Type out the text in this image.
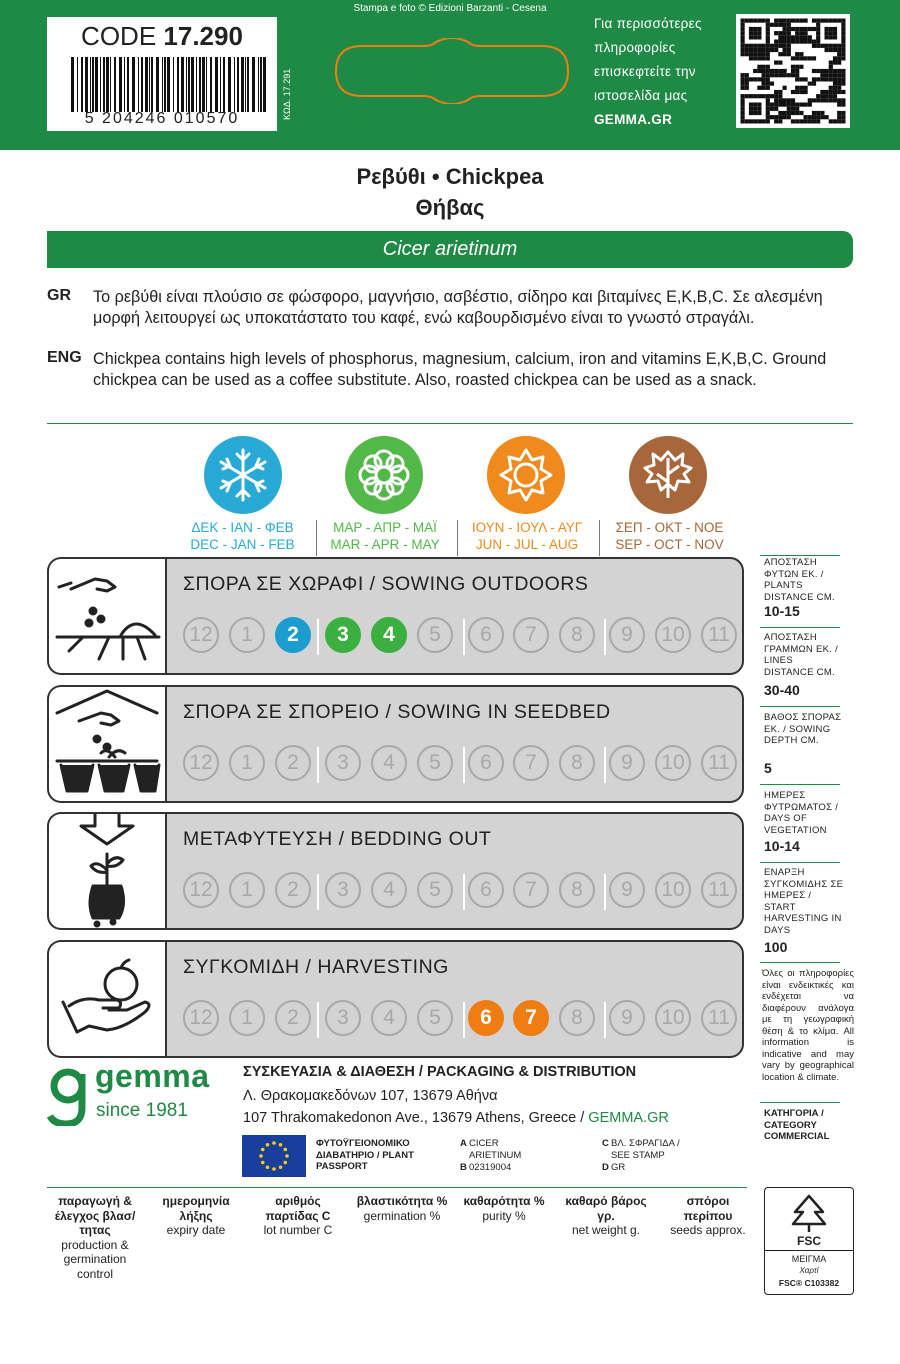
CODE 17.290
5 204246 010570	ΚΩΔ. 17.291
Stampa e foto © Edizioni Barzanti - Cesena
Για περισσότερες
πληροφορίες
επισκεφτείτε την
ιστοσελίδα μας
GEMMA.GR
Ρεβύθι • Chickpea
Θήβας
Cicer arietinum
GR Το ρεβύθι είναι πλούσιο σε φώσφορο, μαγνήσιο, ασβέστιο, σίδηρο και βιταμίνες Ε,Κ,Β,C. Σε αλεσμένη μορφή λειτουργεί ως υποκατάστατο του καφέ, ενώ καβουρδισμένο είναι το γνωστό στραγάλι.
ENG Chickpea contains high levels of phosphorus, magnesium, calcium, iron and vitamins E,K,B,C. Ground chickpea can be used as a coffee substitute. Also, roasted chickpea can be used as a snack.
ΔΕΚ - ΙΑΝ - ΦΕΒ
DEC - JAN - FEB
ΜΑΡ - ΑΠΡ - ΜΑΪ
MAR - APR - MAY
ΙΟΥΝ - ΙΟΥΛ - ΑΥΓ
JUN - JUL - AUG
ΣΕΠ - ΟΚΤ - ΝΟΕ
SEP - OCT - NOV
ΣΠΟΡΑ ΣΕ ΧΩΡΑΦΙ / SOWING OUTDOORS
12	1	2	3	4	5	6	7	8	9	10	11
ΣΠΟΡΑ ΣΕ ΣΠΟΡΕΙΟ / SOWING IN SEEDBED
12	1	2	3	4	5	6	7	8	9	10	11
ΜΕΤΑΦΥΤΕΥΣΗ / BEDDING OUT
12	1	2	3	4	5	6	7	8	9	10	11
ΣΥΓΚΟΜΙΔΗ / HARVESTING
12	1	2	3	4	5	6	7	8	9	10	11
ΑΠΟΣΤΑΣΗ ΦΥΤΩΝ ΕΚ. / PLANTS DISTANCE CM.
10-15
ΑΠΟΣΤΑΣΗ ΓΡΑΜΜΩΝ ΕΚ. / LINES DISTANCE CM.
30-40
ΒΑΘΟΣ ΣΠΟΡΑΣ ΕΚ. / SOWING DEPTH CM.
5
ΗΜΕΡΕΣ ΦΥΤΡΩΜΑΤΟΣ / DAYS OF VEGETATION
10-14
ΕΝΑΡΞΗ ΣΥΓΚΟΜΙΔΗΣ ΣΕ ΗΜΕΡΕΣ / START HARVESTING IN DAYS
100
Όλες οι πληροφορίες είναι ενδεικτικές και ενδέχεται να διαφέρουν ανάλογα με τη γεωγραφική θέση & το κλίμα. All information is indicative and may vary by geographical location & climate.
ΚΑΤΗΓΟΡΙΑ / CATEGORY COMMERCIAL
gemma
since 1981
ΣΥΣΚΕΥΑΣΙΑ & ΔΙΑΘΕΣΗ / PACKAGING & DISTRIBUTION
Λ. Θρακομακεδόνων 107, 13679 Αθήνα
107 Thrakomakedonon Ave., 13679 Athens, Greece / GEMMA.GR
ΦΥΤΟΫΓΕΙΟΝΟΜΙΚΟ ΔΙΑΒΑΤΗΡΙΟ / PLANT PASSPORT
A CICER ARIETINUM
B 02319004
C ΒΛ. ΣΦΡΑΓΙΔΑ / SEE STAMP
D GR
παραγωγή & έλεγχος βλασ/τητας
production & germination control
ημερομηνία λήξης
expiry date
αριθμός παρτίδας C
lot number C
βλαστικότητα %
germination %
καθαρότητα %
purity %
καθαρό βάρος γρ.
net weight g.
σπόροι περίπου
seeds approx.
FSC
ΜΕΙΓΜΑ
Χαρτί
FSC® C103382
